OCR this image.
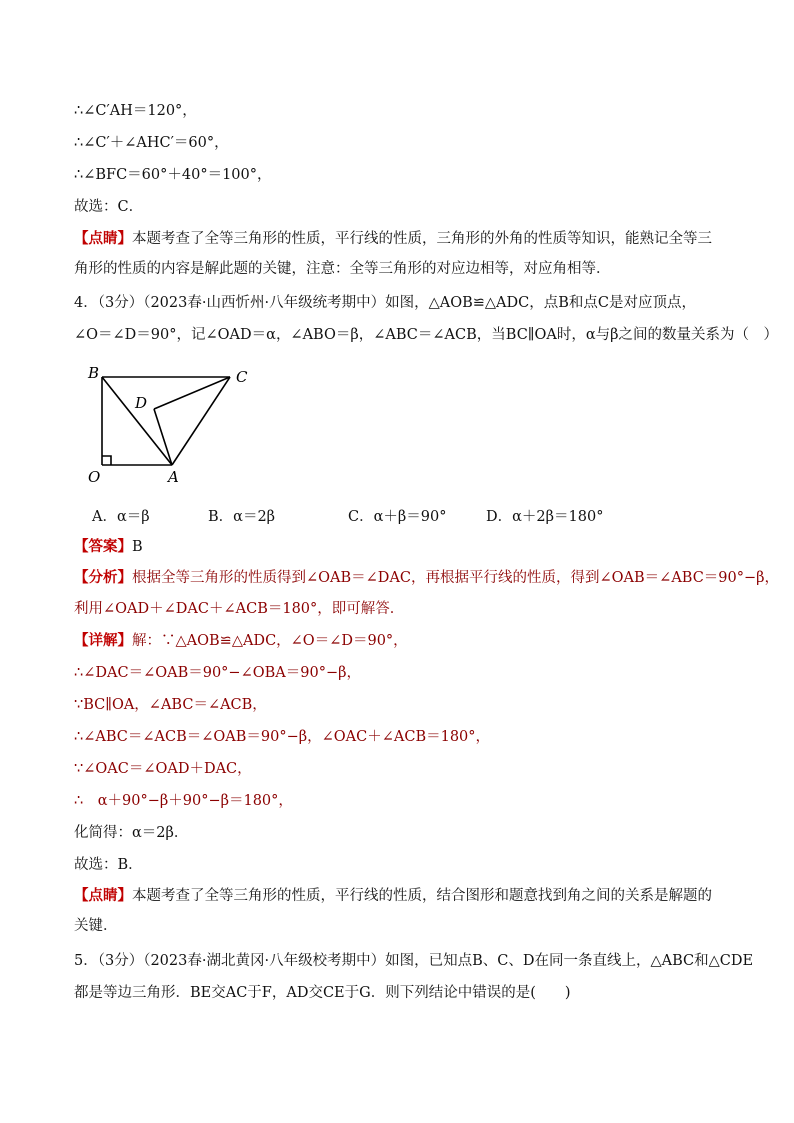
∴∠C′AH＝120°，
∴∠C′＋∠AHC′＝60°，
∴∠BFC＝60°＋40°＝100°，
故选：C．
【点睛】本题考查了全等三角形的性质，平行线的性质，三角形的外角的性质等知识，能熟记全等三角形的性质的内容是解此题的关键，注意：全等三角形的对应边相等，对应角相等．
4．（3分）（2023春·山西忻州·八年级统考期中）如图，△AOB≌△ADC，点B和点C是对应顶点，
∠O＝∠D＝90°，记∠OAD＝α，∠ABO＝β，∠ABC＝∠ACB，当BC∥OA时，α与β之间的数量关系为（　）
B	C
D
O	A
A．α＝β	B．α＝2β	C．α＋β＝90°	D．α＋2β＝180°
【答案】B
【分析】根据全等三角形的性质得到∠OAB＝∠DAC，再根据平行线的性质，得到∠OAB＝∠ABC＝90°−β，
利用∠OAD＋∠DAC＋∠ACB＝180°，即可解答．
【详解】解：∵△AOB≌△ADC，∠O＝∠D＝90°，
∴∠DAC＝∠OAB＝90°−∠OBA＝90°−β，
∵BC∥OA，∠ABC＝∠ACB，
∴∠ABC＝∠ACB＝∠OAB＝90°−β，∠OAC＋∠ACB＝180°，
∵∠OAC＝∠OAD＋DAC，
∴　α＋90°−β＋90°−β＝180°，
化简得：α＝2β．
故选：B．
【点睛】本题考查了全等三角形的性质，平行线的性质，结合图形和题意找到角之间的关系是解题的关键．
5．（3分）（2023春·湖北黄冈·八年级校考期中）如图，已知点B、C、D在同一条直线上，△ABC和△CDE
都是等边三角形．BE交AC于F，AD交CE于G．则下列结论中错误的是(　　)
